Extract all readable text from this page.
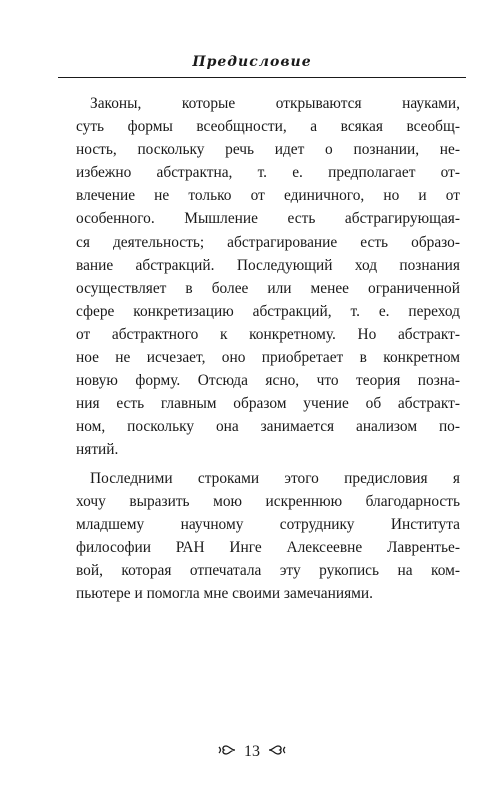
Предисловие

Законы, которые открываются науками,
суть формы всеобщности, а всякая всеобщ-
ность, поскольку речь идет о познании, не-
избежно абстрактна, т. е. предполагает от-
влечение не только от единичного, но и от
особенного. Мышление есть абстрагирующая-
ся деятельность; абстрагирование есть образо-
вание абстракций. Последующий ход познания
осуществляет в более или менее ограниченной
сфере конкретизацию абстракций, т. е. переход
от абстрактного к конкретному. Но абстракт-
ное не исчезает, оно приобретает в конкретном
новую форму. Отсюда ясно, что теория позна-
ния есть главным образом учение об абстракт-
ном, поскольку она занимается анализом по-
нятий.

Последними строками этого предисловия я
хочу выразить мою искреннюю благодарность
младшему научному сотруднику Института
философии РАН Инге Алексеевне Лаврентье-
вой, которая отпечатала эту рукопись на ком-
пьютере и помогла мне своими замечаниями.

13
